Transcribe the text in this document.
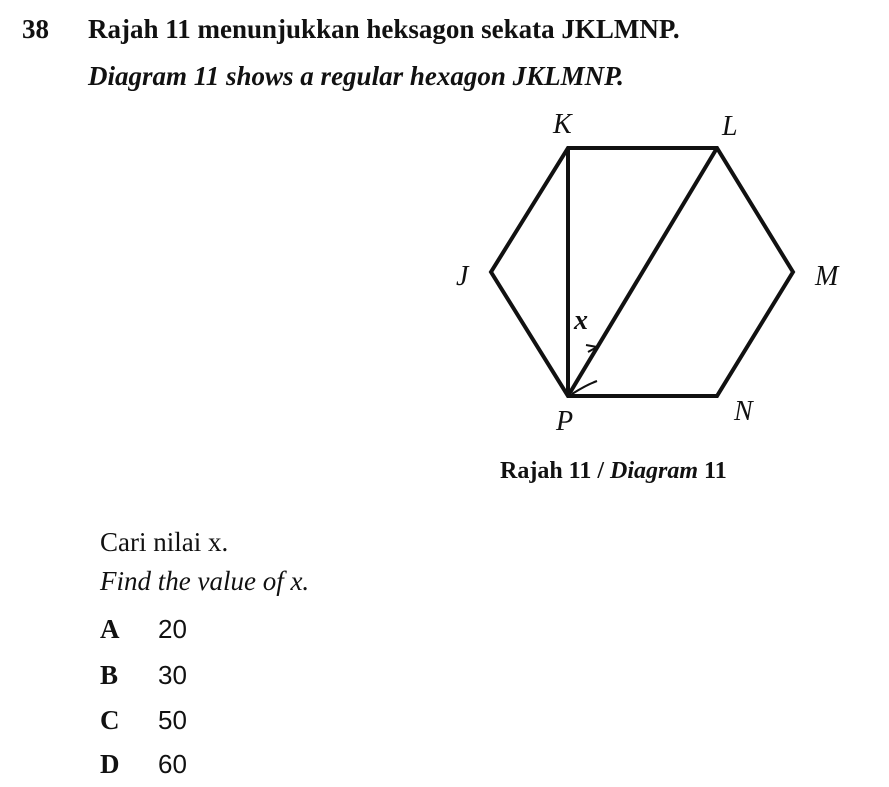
38 Rajah 11 menunjukkan heksagon sekata JKLMNP.
Diagram 11 shows a regular hexagon JKLMNP.
K	L
J	M
P	N
x
Rajah 11 / Diagram 11
Cari nilai x.
Find the value of x.
A 20
B 30
C 50
D 60
